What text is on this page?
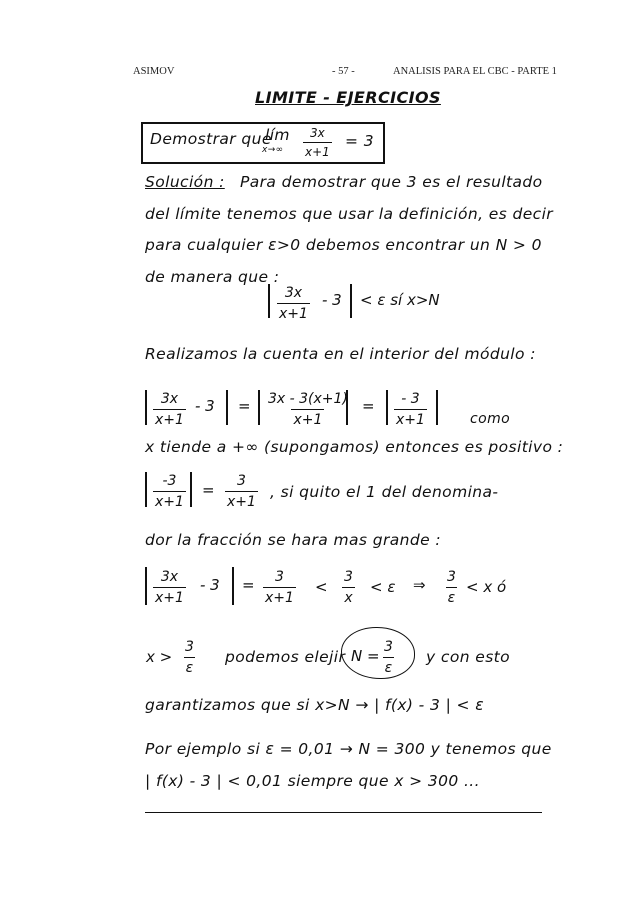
ASIMOV	- 57 -	ANALISIS PARA EL CBC - PARTE 1
LIMITE - EJERCICIOS
Demostrar que
lím
$x\to\infty \frac{3x}{x+1} = 3$
Solución : Para demostrar que 3 es el resultado
del límite tenemos que usar la definición, es decir
para cualquier ε>0 debemos encontrar un N > 0
de manera que :
$\frac{3x}{x+1} - 3 < \varepsilon$ sí x>N
Realizamos la cuenta en el interior del módulo :
$\frac{3x}{x+1} - 3 = \frac{3x - 3(x+1)}{x+1} = \frac{- 3}{x+1}$	como
x tiende a +∞ (supongamos) entonces es positivo :
$\frac{-3}{x+1} = \frac{3}{x+1}$ , si quito el 1 del denomina-
dor la fracción se hara mas grande :
$\frac{3x}{x+1} - 3 = \frac{3}{x+1} < \frac{3}{x} < \varepsilon$ ⇒ $\frac{3}{\varepsilon} < x$ ó
$x > \frac{3}{\varepsilon}$ podemos elejir $N = \frac{3}{\varepsilon}$ y con esto
garantizamos que si x>N → | f(x) - 3 | < ε
Por ejemplo si ε = 0,01 → N = 300 y tenemos que
| f(x) - 3 | < 0,01 siempre que x > 300 ...
